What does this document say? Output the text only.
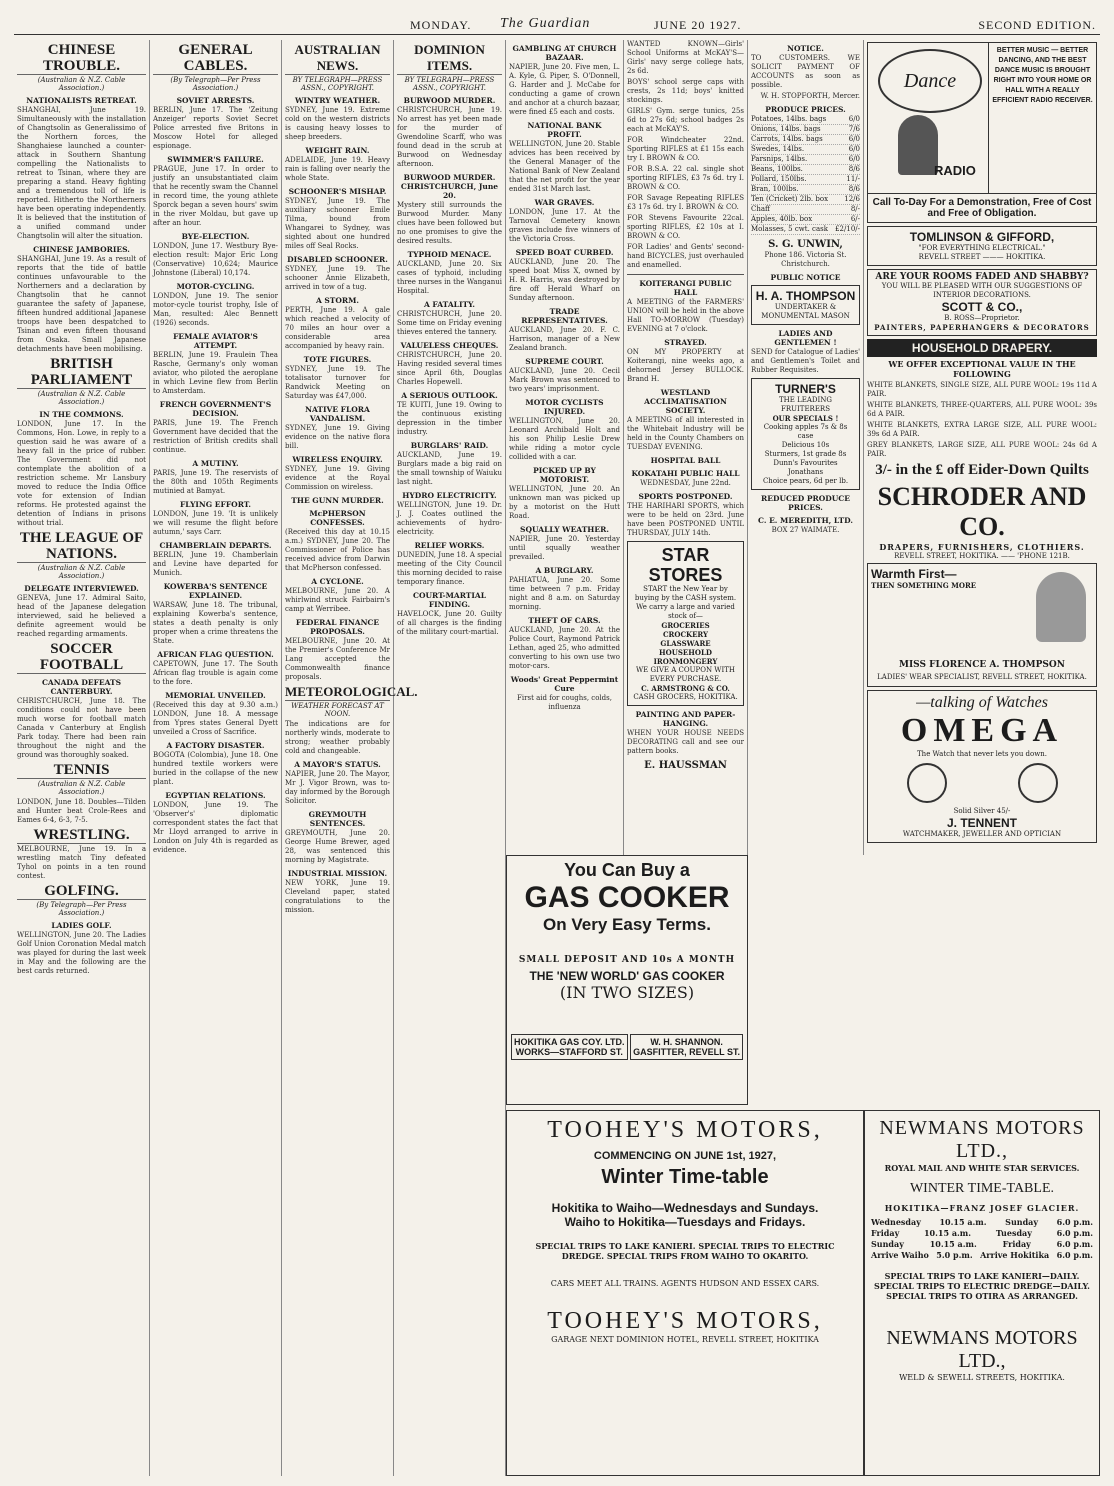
MONDAY. The Guardian	JUNE 20 1927.	SECOND EDITION.
CHINESE TROUBLE.
(Australian & N.Z. Cable Association.)
NATIONALISTS RETREAT.
SHANGHAI, June 19. Simultaneously with the installation of Changtsolin as Generalissimo of the Northern forces, the Shanghaiese launched a counter-attack in Southern Shantung compelling the Nationalists to retreat to Tsinan, where they are preparing a stand. Heavy fighting and a tremendous toll of life is reported. Hitherto the Northerners have been operating independently. It is believed that the institution of a unified command under Changtsolin will alter the situation.
CHINESE JAMBORIES.
SHANGHAI, June 19. As a result of reports that the tide of battle continues unfavourable to the Northerners and a declaration by Changtsolin that he cannot guarantee the safety of Japanese, fifteen hundred additional Japanese troops have been despatched to Tsinan and even fifteen thousand from Osaka. Small Japanese detachments have been mobilising.
BRITISH PARLIAMENT
(Australian & N.Z. Cable Association.)
IN THE COMMONS.
LONDON, June 17. In the Commons, Hon. Lowe, in reply to a question said he was aware of a heavy fall in the price of rubber. The Government did not contemplate the abolition of a restriction scheme. Mr Lansbury moved to reduce the India Office vote for extension of Indian reforms. He protested against the detention of Indians in prisons without trial.
THE LEAGUE OF NATIONS.
(Australian & N.Z. Cable Association.)
DELEGATE INTERVIEWED.
GENEVA, June 17. Admiral Saito, head of the Japanese delegation interviewed, said he believed a definite agreement would be reached regarding armaments.
SOCCER FOOTBALL
CANADA DEFEATS CANTERBURY.
CHRISTCHURCH, June 18. The conditions could not have been much worse for football match Canada v Canterbury at English Park today. There had been rain throughout the night and the ground was thoroughly soaked.
TENNIS
(Australian & N.Z. Cable Association.)
LONDON, June 18. Doubles—Tilden and Hunter beat Crole-Rees and Eames 6-4, 6-3, 7-5.
WRESTLING.
MELBOURNE, June 19. In a wrestling match Tiny defeated Tyhol on points in a ten round contest.
GOLFING.
(By Telegraph—Per Press Association.)
LADIES GOLF.
WELLINGTON, June 20. The Ladies Golf Union Coronation Medal match was played for during the last week in May and the following are the best cards returned.
GENERAL CABLES.
(By Telegraph—Per Press Association.)
SOVIET ARRESTS.
BERLIN, June 17. The 'Zeitung Anzeiger' reports Soviet Secret Police arrested five Britons in Moscow Hotel for alleged espionage.
SWIMMER'S FAILURE.
PRAGUE, June 17. In order to justify an unsubstantiated claim that he recently swam the Channel in record time, the young athlete Sporck began a seven hours' swim in the river Moldau, but gave up after an hour.
BYE-ELECTION.
LONDON, June 17. Westbury Bye-election result: Major Eric Long (Conservative) 10,624; Maurice Johnstone (Liberal) 10,174.
MOTOR-CYCLING.
LONDON, June 19. The senior motor-cycle tourist trophy, Isle of Man, resulted: Alec Bennett (1926) seconds.
FEMALE AVIATOR'S ATTEMPT.
BERLIN, June 19. Fraulein Thea Rasche, Germany's only woman aviator, who piloted the aeroplane in which Levine flew from Berlin to Amsterdam.
FRENCH GOVERNMENT'S DECISION.
PARIS, June 19. The French Government have decided that the restriction of British credits shall continue.
A MUTINY.
PARIS, June 19. The reservists of the 80th and 105th Regiments mutinied at Bamyat.
FLYING EFFORT.
LONDON, June 19. 'It is unlikely we will resume the flight before autumn,' says Carr.
CHAMBERLAIN DEPARTS.
BERLIN, June 19. Chamberlain and Levine have departed for Munich.
KOWERBA'S SENTENCE EXPLAINED.
WARSAW, June 18. The tribunal, explaining Kowerba's sentence, states a death penalty is only proper when a crime threatens the State.
AFRICAN FLAG QUESTION.
CAPETOWN, June 17. The South African flag trouble is again come to the fore.
MEMORIAL UNVEILED.
(Received this day at 9.30 a.m.) LONDON, June 18. A message from Ypres states General Dyett unveiled a Cross of Sacrifice.
A FACTORY DISASTER.
BOGOTA (Colombia), June 18. One hundred textile workers were buried in the collapse of the new plant.
EGYPTIAN RELATIONS.
LONDON, June 19. The 'Observer's' diplomatic correspondent states the fact that Mr Lloyd arranged to arrive in London on July 4th is regarded as evidence.
AUSTRALIAN NEWS.
BY TELEGRAPH—PRESS ASSN., COPYRIGHT.
WINTRY WEATHER.
SYDNEY, June 19. Extreme cold on the western districts is causing heavy losses to sheep breeders.
WEIGHT RAIN.
ADELAIDE, June 19. Heavy rain is falling over nearly the whole State.
SCHOONER'S MISHAP.
SYDNEY, June 19. The auxiliary schooner Emile Tilma, bound from Whangarei to Sydney, was sighted about one hundred miles off Seal Rocks.
DISABLED SCHOONER.
SYDNEY, June 19. The schooner Annie Elizabeth, arrived in tow of a tug.
A STORM.
PERTH, June 19. A gale which reached a velocity of 70 miles an hour over a considerable area accompanied by heavy rain.
TOTE FIGURES.
SYDNEY, June 19. The totalisator turnover for Randwick Meeting on Saturday was £47,000.
NATIVE FLORA VANDALISM.
SYDNEY, June 19. Giving evidence on the native flora bill.
WIRELESS ENQUIRY.
SYDNEY, June 19. Giving evidence at the Royal Commission on wireless.
THE GUNN MURDER.
McPHERSON CONFESSES.
(Received this day at 10.15 a.m.) SYDNEY, June 20. The Commissioner of Police has received advice from Darwin that McPherson confessed.
A CYCLONE.
MELBOURNE, June 20. A whirlwind struck Fairbairn's camp at Werribee.
FEDERAL FINANCE PROPOSALS.
MELBOURNE, June 20. At the Premier's Conference Mr Lang accepted the Commonwealth finance proposals.
METEOROLOGICAL.
WEATHER FORECAST AT NOON.
The indications are for northerly winds, moderate to strong; weather probably cold and changeable.
A MAYOR'S STATUS.
NAPIER, June 20. The Mayor, Mr J. Vigor Brown, was to-day informed by the Borough Solicitor.
GREYMOUTH SENTENCES.
GREYMOUTH, June 20. George Hume Brewer, aged 28, was sentenced this morning by Magistrate.
INDUSTRIAL MISSION.
NEW YORK, June 19. Cleveland paper, stated congratulations to the mission.
DOMINION ITEMS.
BY TELEGRAPH—PRESS ASSN., COPYRIGHT.
BURWOOD MURDER.
CHRISTCHURCH, June 19. No arrest has yet been made for the murder of Gwendoline Scarff, who was found dead in the scrub at Burwood on Wednesday afternoon.
BURWOOD MURDER. CHRISTCHURCH, June 20.
Mystery still surrounds the Burwood Murder. Many clues have been followed but no one promises to give the desired results.
TYPHOID MENACE.
AUCKLAND, June 20. Six cases of typhoid, including three nurses in the Wanganui Hospital.
A FATALITY.
CHRISTCHURCH, June 20. Some time on Friday evening thieves entered the tannery.
VALUELESS CHEQUES.
CHRISTCHURCH, June 20. Having resided several times since April 6th, Douglas Charles Hopewell.
A SERIOUS OUTLOOK.
TE KUITI, June 19. Owing to the continuous existing depression in the timber industry.
BURGLARS' RAID.
AUCKLAND, June 19. Burglars made a big raid on the small township of Waiuku last night.
HYDRO ELECTRICITY.
WELLINGTON, June 19. Dr. J. J. Coates outlined the achievements of hydro-electricity.
RELIEF WORKS.
DUNEDIN, June 18. A special meeting of the City Council this morning decided to raise temporary finance.
COURT-MARTIAL FINDING.
HAVELOCK, June 20. Guilty of all charges is the finding of the military court-martial.
GAMBLING AT CHURCH BAZAAR.
NAPIER, June 20. Five men, L. A. Kyle, G. Piper, S. O'Donnell, G. Harder and J. McCabe for conducting a game of crown and anchor at a church bazaar, were fined £5 each and costs.
NATIONAL BANK PROFIT.
WELLINGTON, June 20. Stable advices has been received by the General Manager of the National Bank of New Zealand that the net profit for the year ended 31st March last.
WAR GRAVES.
LONDON, June 17. At the Tarnoval Cemetery known graves include five winners of the Victoria Cross.
SPEED BOAT CURBED.
AUCKLAND, June 20. The speed boat Miss X, owned by H. R. Harris, was destroyed by fire off Herald Wharf on Sunday afternoon.
TRADE REPRESENTATIVES.
AUCKLAND, June 20. F. C. Harrison, manager of a New Zealand branch.
SUPREME COURT.
AUCKLAND, June 20. Cecil Mark Brown was sentenced to two years' imprisonment.
MOTOR CYCLISTS INJURED.
WELLINGTON, June 20. Leonard Archibald Holt and his son Philip Leslie Drew while riding a motor cycle collided with a car.
PICKED UP BY MOTORIST.
WELLINGTON, June 20. An unknown man was picked up by a motorist on the Hutt Road.
SQUALLY WEATHER.
NAPIER, June 20. Yesterday until squally weather prevailed.
A BURGLARY.
PAHIATUA, June 20. Some time between 7 p.m. Friday night and 8 a.m. on Saturday morning.
THEFT OF CARS.
AUCKLAND, June 20. At the Police Court, Raymond Patrick Lethan, aged 25, who admitted converting to his own use two motor-cars.
Woods' Great Peppermint Cure
First aid for coughs, colds, influenza
WANTED KNOWN—Girls' School Uniforms at McKAY'S—Girls' navy serge college hats, 2s 6d.
BOYS' school serge caps with crests, 2s 11d; boys' knitted stockings.
GIRLS' Gym. serge tunics, 25s 6d to 27s 6d; school badges 2s each at McKAY'S.
FOR Windcheater 22nd. Sporting RIFLES at £1 15s each try I. BROWN & CO.
FOR B.S.A. 22 cal. single shot sporting RIFLES, £3 7s 6d. try I. BROWN & CO.
FOR Savage Repeating RIFLES £3 17s 6d. try I. BROWN & CO.
FOR Stevens Favourite 22cal. sporting RIFLES, £2 10s at I. BROWN & CO.
FOR Ladies' and Gents' second-hand BICYCLES, just overhauled and enamelled.
KOITERANGI PUBLIC HALL
A MEETING of the FARMERS' UNION will be held in the above Hall TO-MORROW (Tuesday) EVENING at 7 o'clock.
STRAYED.
ON MY PROPERTY at Koiterangi, nine weeks ago, a dehorned Jersey BULLOCK. Brand H.
WESTLAND ACCLIMATISATION SOCIETY.
A MEETING of all interested in the Whitebait Industry will be held in the County Chambers on TUESDAY EVENING.
HOSPITAL BALL
KOKATAHI PUBLIC HALL
WEDNESDAY, June 22nd.
SPORTS POSTPONED.
THE HARIHARI SPORTS, which were to be held on 23rd. June have been POSTPONED UNTIL THURSDAY, JULY 14th.
STAR STORES
START the New Year by buying by the CASH system. We carry a large and varied stock of—
GROCERIES
CROCKERY
GLASSWARE
HOUSEHOLD IRONMONGERY
WE GIVE A COUPON WITH EVERY PURCHASE.
C. ARMSTRONG & CO.
CASH GROCERS, HOKITIKA.
PAINTING AND PAPER-HANGING.
WHEN YOUR HOUSE NEEDS DECORATING call and see our pattern books.
E. HAUSSMAN
NOTICE.
TO CUSTOMERS. WE SOLICIT PAYMENT OF ACCOUNTS as soon as possible.
W. H. STOPFORTH, Mercer.
PRODUCE PRICES.
Potatoes, 14lbs. bags	6/0
Onions, 14lbs. bags	7/6
Carrots, 14lbs. bags	6/0
Swedes, 14lbs.	6/0
Parsnips, 14lbs.	6/0
Beans, 100lbs.	8/6
Pollard, 150lbs.	11/-
Bran, 100lbs.	8/6
Ten (Cricket) 2lb. box 12/6
Chaff	8/-
Apples, 40lb. box	6/-
Molasses, 5 cwt. cask £2/10/-
S. G. UNWIN,
Phone 186. Victoria St. Christchurch.
PUBLIC NOTICE
H. A. THOMPSON
UNDERTAKER & MONUMENTAL MASON
LADIES AND GENTLEMEN !
SEND for Catalogue of Ladies' and Gentlemen's Toilet and Rubber Requisites.
TURNER'S
THE LEADING FRUITERERS
OUR SPECIALS !
Cooking apples 7s & 8s case
Delicious 10s
Sturmers, 1st grade 8s
Dunn's Favourites
Jonathans
Choice pears, 6d per lb.
REDUCED PRODUCE PRICES.
C. E. MEREDITH, LTD.
BOX 27 WAIMATE.
Dance
RADIO
BETTER MUSIC — BETTER DANCING, AND THE BEST DANCE MUSIC IS BROUGHT RIGHT INTO YOUR HOME OR HALL WITH A REALLY EFFICIENT RADIO RECEIVER.
Call To-Day For a Demonstration, Free of Cost and Free of Obligation.
TOMLINSON & GIFFORD,
"FOR EVERYTHING ELECTRICAL."
REVELL STREET ——— HOKITIKA.
ARE YOUR ROOMS FADED AND SHABBY?
YOU WILL BE PLEASED WITH OUR SUGGESTIONS OF INTERIOR DECORATIONS.
SCOTT & CO.,
B. ROSS—Proprietor.
PAINTERS, PAPERHANGERS & DECORATORS
HOUSEHOLD DRAPERY.
WE OFFER EXCEPTIONAL VALUE IN THE FOLLOWING
WHITE BLANKETS, SINGLE SIZE, ALL PURE WOOL: 19s 11d A PAIR.
WHITE BLANKETS, THREE-QUARTERS, ALL PURE WOOL: 39s 6d A PAIR.
WHITE BLANKETS, EXTRA LARGE SIZE, ALL PURE WOOL: 39s 6d A PAIR.
GREY BLANKETS, LARGE SIZE, ALL PURE WOOL: 24s 6d A PAIR.
3/- in the £ off Eider-Down Quilts
SCHRODER AND CO.
DRAPERS, FURNISHERS, CLOTHIERS.
REVELL STREET, HOKITIKA. —— 'PHONE 121B.
Warmth First—
THEN SOMETHING MORE
MISS FLORENCE A. THOMPSON
LADIES' WEAR SPECIALIST, REVELL STREET, HOKITIKA.
—talking of Watches
OMEGA
The Watch that never lets you down.
Solid Silver 45/-
J. TENNENT
WATCHMAKER, JEWELLER AND OPTICIAN
You Can Buy a
GAS COOKER
On Very Easy Terms.
SMALL DEPOSIT AND 10s A MONTH
THE 'NEW WORLD' GAS COOKER
(IN TWO SIZES)
HOKITIKA GAS COY. LTD.
WORKS—STAFFORD ST.
W. H. SHANNON.
GASFITTER, REVELL ST.
TOOHEY'S MOTORS,
COMMENCING ON JUNE 1st, 1927,
Winter Time-table
Hokitika to Waiho—Wednesdays and Sundays.
Waiho to Hokitika—Tuesdays and Fridays.
SPECIAL TRIPS TO LAKE KANIERI. SPECIAL TRIPS TO ELECTRIC DREDGE. SPECIAL TRIPS FROM WAIHO TO OKARITO.
CARS MEET ALL TRAINS. AGENTS HUDSON AND ESSEX CARS.
TOOHEY'S MOTORS,
GARAGE NEXT DOMINION HOTEL, REVELL STREET, HOKITIKA
NEWMANS MOTORS LTD.,
ROYAL MAIL AND WHITE STAR SERVICES.
WINTER TIME-TABLE.
HOKITIKA—FRANZ JOSEF GLACIER.
Wednesday 10.15 a.m. Sunday 6.0 p.m.
Friday	10.15 a.m.	Tuesday	6.0 p.m.
Sunday	10.15 a.m.	Friday	6.0 p.m.
Arrive Waiho 5.0 p.m. Arrive Hokitika 6.0 p.m.
SPECIAL TRIPS TO LAKE KANIERI—DAILY. SPECIAL TRIPS TO ELECTRIC DREDGE—DAILY. SPECIAL TRIPS TO OTIRA AS ARRANGED.
NEWMANS MOTORS LTD.,
WELD & SEWELL STREETS, HOKITIKA.
